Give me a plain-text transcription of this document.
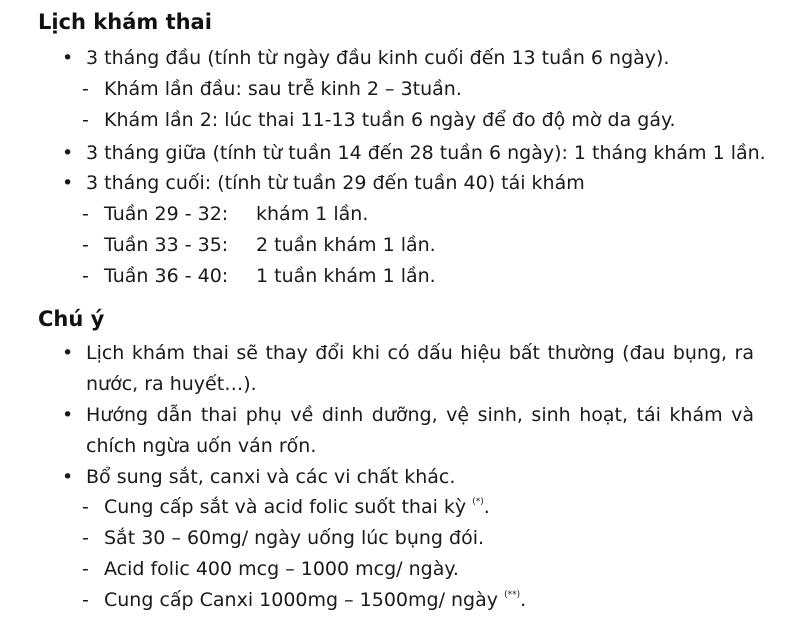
Lịch khám thai
• 3 tháng đầu (tính từ ngày đầu kinh cuối đến 13 tuần 6 ngày).
- Khám lần đầu: sau trễ kinh 2 – 3tuần.
- Khám lần 2: lúc thai 11-13 tuần 6 ngày để đo độ mờ da gáy.
• 3 tháng giữa (tính từ tuần 14 đến 28 tuần 6 ngày): 1 tháng khám 1 lần.
• 3 tháng cuối: (tính từ tuần 29 đến tuần 40) tái khám
- Tuần 29 - 32: khám 1 lần.
- Tuần 33 - 35: 2 tuần khám 1 lần.
- Tuần 36 - 40: 1 tuần khám 1 lần.
Chú ý
• Lịch khám thai sẽ thay đổi khi có dấu hiệu bất thường (đau bụng, ra
nước, ra huyết…).
• Hướng dẫn thai phụ về dinh dưỡng, vệ sinh, sinh hoạt, tái khám và
chích ngừa uốn ván rốn.
• Bổ sung sắt, canxi và các vi chất khác.
- Cung cấp sắt và acid folic suốt thai kỳ (*).
- Sắt 30 – 60mg/ ngày uống lúc bụng đói.
- Acid folic 400 mcg – 1000 mcg/ ngày.
- Cung cấp Canxi 1000mg – 1500mg/ ngày (**).
